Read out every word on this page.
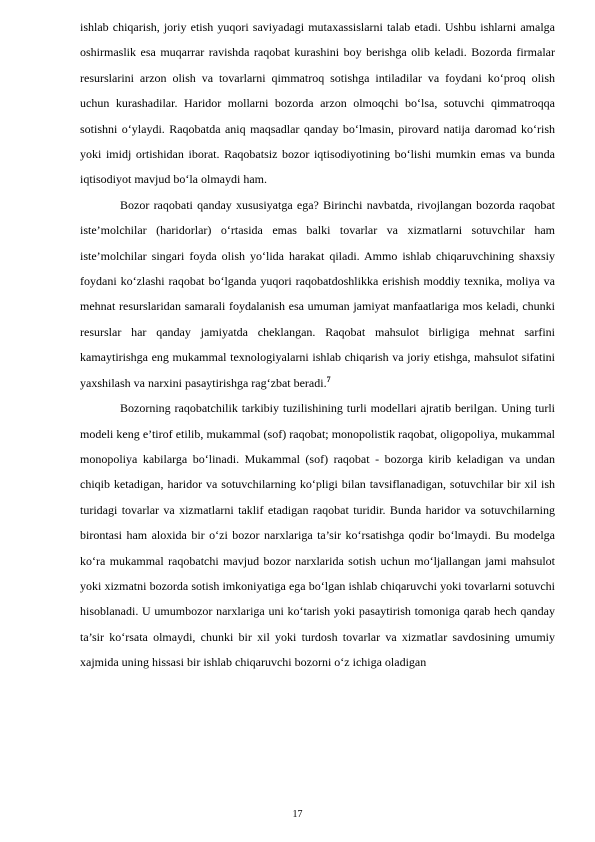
ishlab chiqarish, joriy etish yuqori saviyadagi mutaxassislarni talab etadi. Ushbu ishlarni amalga oshirmaslik esa muqarrar ravishda raqobat kurashini boy berishga olib keladi. Bozorda firmalar resurslarini arzon olish va tovarlarni qimmatroq sotishga intiladilar va foydani ko‘proq olish uchun kurashadilar. Haridor mollarni bozorda arzon olmoqchi bo‘lsa, sotuvchi qimmatroqqa sotishni o‘ylaydi. Raqobatda aniq maqsadlar qanday bo‘lmasin, pirovard natija daromad ko‘rish yoki imidj ortishidan iborat. Raqobatsiz bozor iqtisodiyotining bo‘lishi mumkin emas va bunda iqtisodiyot mavjud bo‘la olmaydi ham.

Bozor raqobati qanday xususiyatga ega? Birinchi navbatda, rivojlangan bozorda raqobat iste’molchilar (haridorlar) o‘rtasida emas balki tovarlar va xizmatlarni sotuvchilar ham iste’molchilar singari foyda olish yo‘lida harakat qiladi. Ammo ishlab chiqaruvchining shaxsiy foydani ko‘zlashi raqobat bo‘lganda yuqori raqobatdoshlikka erishish moddiy texnika, moliya va mehnat resurslaridan samarali foydalanish esa umuman jamiyat manfaatlariga mos keladi, chunki resurslar har qanday jamiyatda cheklangan. Raqobat mahsulot birligiga mehnat sarfini kamaytirishga eng mukammal texnologiyalarni ishlab chiqarish va joriy etishga, mahsulot sifatini yaxshilash va narxini pasaytirishga rag‘zbat beradi.$^7$

Bozorning raqobatchilik tarkibiy tuzilishining turli modellari ajratib berilgan. Uning turli modeli keng e’tirof etilib, mukammal (sof) raqobat; monopolistik raqobat, oligopoliya, mukammal monopoliya kabilarga bo‘linadi. Mukammal (sof) raqobat - bozorga kirib keladigan va undan chiqib ketadigan, haridor va sotuvchilarning ko‘pligi bilan tavsiflanadigan, sotuvchilar bir xil ish turidagi tovarlar va xizmatlarni taklif etadigan raqobat turidir. Bunda haridor va sotuvchilarning birontasi ham aloxida bir o‘zi bozor narxlariga ta’sir ko‘rsatishga qodir bo‘lmaydi. Bu modelga ko‘ra mukammal raqobatchi mavjud bozor narxlarida sotish uchun mo‘ljallangan jami mahsulot yoki xizmatni bozorda sotish imkoniyatiga ega bo‘lgan ishlab chiqaruvchi yoki tovarlarni sotuvchi hisoblanadi. U umumbozor narxlariga uni ko‘tarish yoki pasaytirish tomoniga qarab hech qanday ta’sir ko‘rsata olmaydi, chunki bir xil yoki turdosh tovarlar va xizmatlar savdosining umumiy xajmida uning hissasi bir ishlab chiqaruvchi bozorni o‘z ichiga oladigan

17
